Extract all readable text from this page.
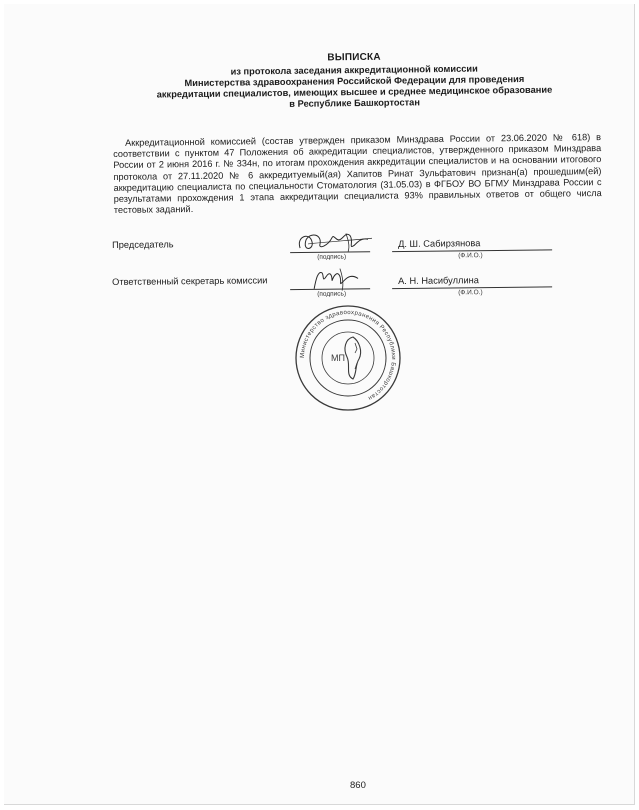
ВЫПИСКА
из протокола заседания аккредитационной комиссии
Министерства здравоохранения Российской Федерации для проведения
аккредитации специалистов, имеющих высшее и среднее медицинское образование
в Республике Башкортостан
Аккредитационной комиссией (состав утвержден приказом Минздрава России от 23.06.2020 № 618) в соответствии с пунктом 47 Положения об аккредитации специалистов, утвержденного приказом Минздрава России от 2 июня 2016 г. № 334н, по итогам прохождения аккредитации специалистов и на основании итогового протокола от 27.11.2020 № 6 аккредитуемый(ая) Хапитов Ринат Зульфатович признан(а) прошедшим(ей) аккредитацию специалиста по специальности Стоматология (31.05.03) в ФГБОУ ВО БГМУ Минздрава России с результатами прохождения 1 этапа аккредитации специалиста 93% правильных ответов от общего числа тестовых заданий.
Председатель
(подпись)
Д. Ш. Сабирзянова
(Ф.И.О.)
Ответственный секретарь комиссии
(подпись)
А. Н. Насибуллина
(Ф.И.О.)
Министерство здравоохранения Республики Башкортостан
МП
860
